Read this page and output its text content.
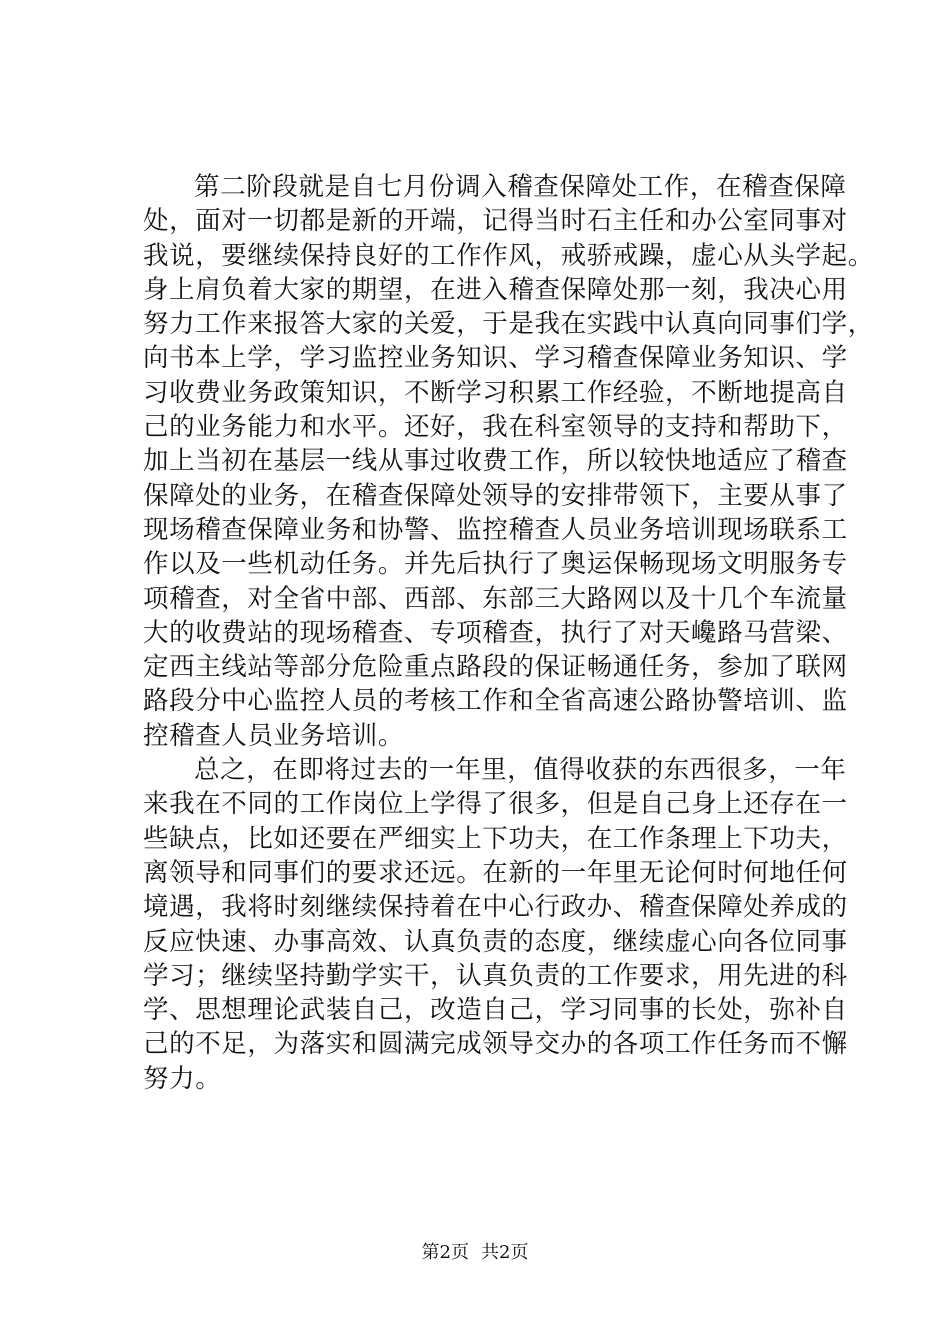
第二阶段就是自七月份调入稽查保障处工作，在稽查保障
处，面对一切都是新的开端，记得当时石主任和办公室同事对
我说，要继续保持良好的工作作风，戒骄戒躁，虚心从头学起。
身上肩负着大家的期望，在进入稽查保障处那一刻，我决心用
努力工作来报答大家的关爱，于是我在实践中认真向同事们学，
向书本上学，学习监控业务知识、学习稽查保障业务知识、学
习收费业务政策知识，不断学习积累工作经验，不断地提高自
己的业务能力和水平。还好，我在科室领导的支持和帮助下，
加上当初在基层一线从事过收费工作，所以较快地适应了稽查
保障处的业务，在稽查保障处领导的安排带领下，主要从事了
现场稽查保障业务和协警、监控稽查人员业务培训现场联系工
作以及一些机动任务。并先后执行了奥运保畅现场文明服务专
项稽查，对全省中部、西部、东部三大路网以及十几个车流量
大的收费站的现场稽查、专项稽查，执行了对天巉路马营梁、
定西主线站等部分危险重点路段的保证畅通任务，参加了联网
路段分中心监控人员的考核工作和全省高速公路协警培训、监
控稽查人员业务培训。
总之，在即将过去的一年里，值得收获的东西很多，一年
来我在不同的工作岗位上学得了很多，但是自己身上还存在一
些缺点，比如还要在严细实上下功夫，在工作条理上下功夫，
离领导和同事们的要求还远。在新的一年里无论何时何地任何
境遇，我将时刻继续保持着在中心行政办、稽查保障处养成的
反应快速、办事高效、认真负责的态度，继续虚心向各位同事
学习；继续坚持勤学实干，认真负责的工作要求，用先进的科
学、思想理论武装自己，改造自己，学习同事的长处，弥补自
己的不足，为落实和圆满完成领导交办的各项工作任务而不懈
努力。
第2页 共2页
